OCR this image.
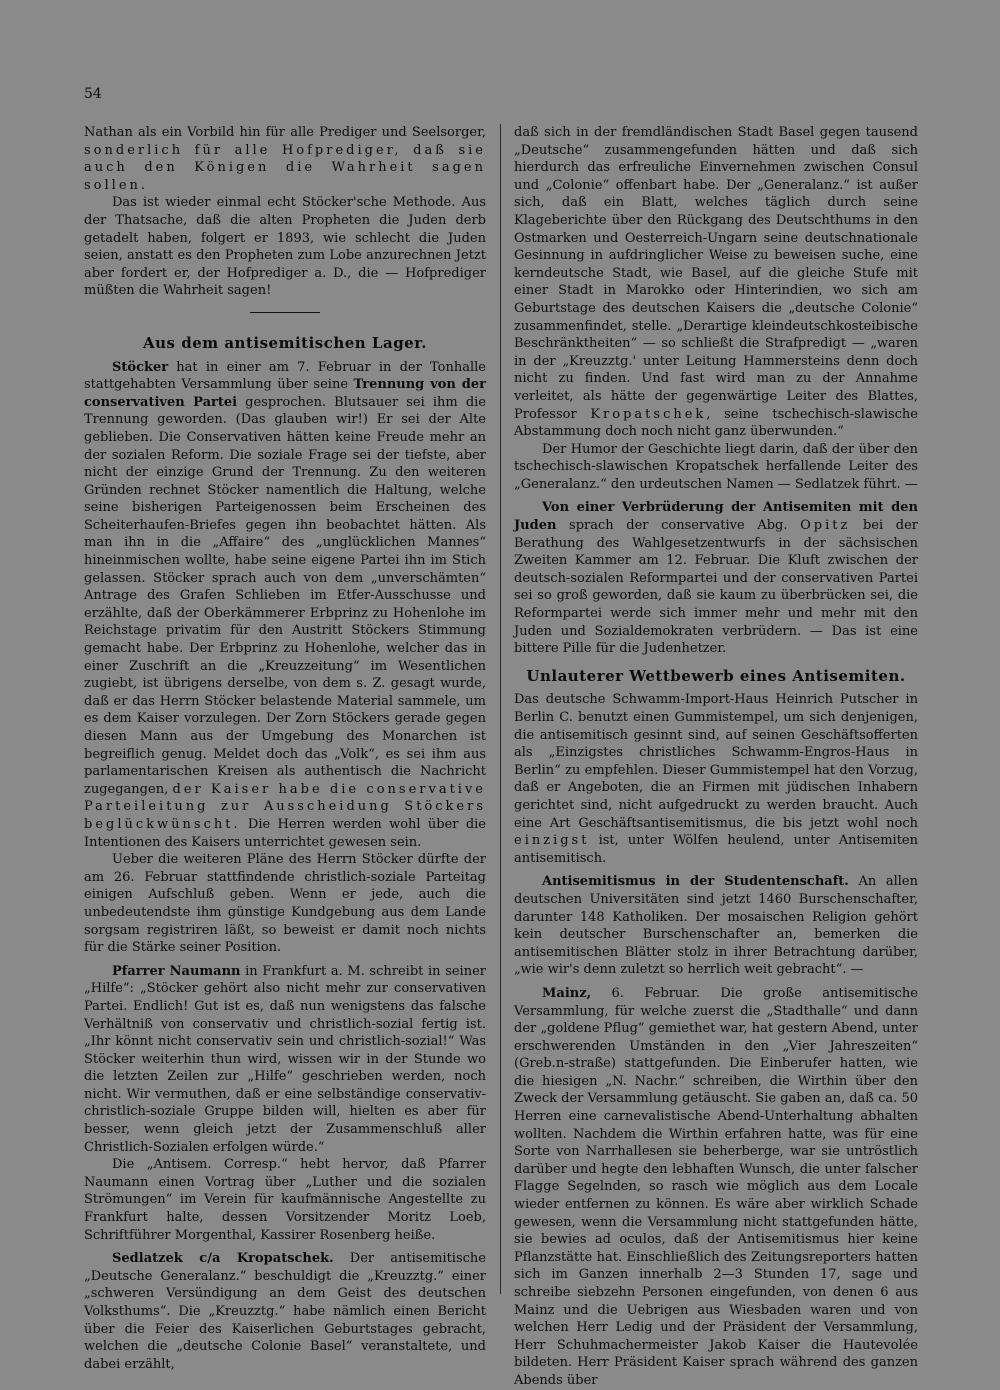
54

Nathan als ein Vorbild hin für alle Prediger und Seelsorger, sonderlich für alle Hofprediger, daß sie auch den Königen die Wahrheit sagen sollen.

Das ist wieder einmal echt Stöcker'sche Methode. Aus der Thatsache, daß die alten Propheten die Juden derb getadelt haben, folgert er 1893, wie schlecht die Juden seien, anstatt es den Propheten zum Lobe anzurechnen Jetzt aber fordert er, der Hofprediger a. D., die — Hofprediger müßten die Wahrheit sagen!

Aus dem antisemitischen Lager.

Stöcker hat in einer am 7. Februar in der Tonhalle stattgehabten Versammlung über seine Trennung von der conservativen Partei gesprochen. Blutsauer sei ihm die Trennung geworden. (Das glauben wir!) Er sei der Alte geblieben. Die Conservativen hätten keine Freude mehr an der sozialen Reform. Die soziale Frage sei der tiefste, aber nicht der einzige Grund der Trennung. Zu den weiteren Gründen rechnet Stöcker namentlich die Haltung, welche seine bisherigen Parteigenossen beim Erscheinen des Scheiterhaufen-Briefes gegen ihn beobachtet hätten. Als man ihn in die „Affaire“ des „unglücklichen Mannes“ hineinmischen wollte, habe seine eigene Partei ihn im Stich gelassen. Stöcker sprach auch von dem „unverschämten“ Antrage des Grafen Schlieben im Etfer-Ausschusse und erzählte, daß der Oberkämmerer Erbprinz zu Hohenlohe im Reichstage privatim für den Austritt Stöckers Stimmung gemacht habe. Der Erbprinz zu Hohenlohe, welcher das in einer Zuschrift an die „Kreuzzeitung“ im Wesentlichen zugiebt, ist übrigens derselbe, von dem s. Z. gesagt wurde, daß er das Herrn Stöcker belastende Material sammele, um es dem Kaiser vorzulegen. Der Zorn Stöckers gerade gegen diesen Mann aus der Umgebung des Monarchen ist begreiflich genug. Meldet doch das „Volk“, es sei ihm aus parlamentarischen Kreisen als authentisch die Nachricht zugegangen, der Kaiser habe die conservative Parteileitung zur Ausscheidung Stöckers beglückwünscht. Die Herren werden wohl über die Intentionen des Kaisers unterrichtet gewesen sein.

Ueber die weiteren Pläne des Herrn Stöcker dürfte der am 26. Februar stattfindende christlich-soziale Parteitag einigen Aufschluß geben. Wenn er jede, auch die unbedeutendste ihm günstige Kundgebung aus dem Lande sorgsam registriren läßt, so beweist er damit noch nichts für die Stärke seiner Position.

Pfarrer Naumann in Frankfurt a. M. schreibt in seiner „Hilfe“: „Stöcker gehört also nicht mehr zur conservativen Partei. Endlich! Gut ist es, daß nun wenigstens das falsche Verhältniß von conservativ und christlich-sozial fertig ist. „Ihr könnt nicht conservativ sein und christlich-sozial!“ Was Stöcker weiterhin thun wird, wissen wir in der Stunde wo die letzten Zeilen zur „Hilfe“ geschrieben werden, noch nicht. Wir vermuthen, daß er eine selbständige conservativ-christlich-soziale Gruppe bilden will, hielten es aber für besser, wenn gleich jetzt der Zusammenschluß aller Christlich-Sozialen erfolgen würde.“

Die „Antisem. Corresp.“ hebt hervor, daß Pfarrer Naumann einen Vortrag über „Luther und die sozialen Strömungen“ im Verein für kaufmännische Angestellte zu Frankfurt halte, dessen Vorsitzender Moritz Loeb, Schriftführer Morgenthal, Kassirer Rosenberg heiße.

Sedlatzek c/a Kropatschek. Der antisemitische „Deutsche Generalanz.“ beschuldigt die „Kreuzztg.“ einer „schweren Versündigung an dem Geist des deutschen Volksthums“. Die „Kreuzztg.“ habe nämlich einen Bericht über die Feier des Kaiserlichen Geburtstages gebracht, welchen die „deutsche Colonie Basel“ veranstaltete, und dabei erzählt,

daß sich in der fremdländischen Stadt Basel gegen tausend „Deutsche“ zusammengefunden hätten und daß sich hierdurch das erfreuliche Einvernehmen zwischen Consul und „Colonie“ offenbart habe. Der „Generalanz.“ ist außer sich, daß ein Blatt, welches täglich durch seine Klageberichte über den Rückgang des Deutschthums in den Ostmarken und Oesterreich-Ungarn seine deutschnationale Gesinnung in aufdringlicher Weise zu beweisen suche, eine kerndeutsche Stadt, wie Basel, auf die gleiche Stufe mit einer Stadt in Marokko oder Hinterindien, wo sich am Geburtstage des deutschen Kaisers die „deutsche Colonie“ zusammenfindet, stelle. „Derartige kleindeutschkosteibische Beschränktheiten“ — so schließt die Strafpredigt — „waren in der „Kreuzztg.' unter Leitung Hammersteins denn doch nicht zu finden. Und fast wird man zu der Annahme verleitet, als hätte der gegenwärtige Leiter des Blattes, Professor Kropatschek, seine tschechisch-slawische Abstammung doch noch nicht ganz überwunden.“

Der Humor der Geschichte liegt darin, daß der über den tschechisch-slawischen Kropatschek herfallende Leiter des „Generalanz.“ den urdeutschen Namen — Sedlatzek führt. —

Von einer Verbrüderung der Antisemiten mit den Juden sprach der conservative Abg. Opitz bei der Berathung des Wahlgesetzentwurfs in der sächsischen Zweiten Kammer am 12. Februar. Die Kluft zwischen der deutsch-sozialen Reformpartei und der conservativen Partei sei so groß geworden, daß sie kaum zu überbrücken sei, die Reformpartei werde sich immer mehr und mehr mit den Juden und Sozialdemokraten verbrüdern. — Das ist eine bittere Pille für die Judenhetzer.

Unlauterer Wettbewerb eines Antisemiten.

Das deutsche Schwamm-Import-Haus Heinrich Putscher in Berlin C. benutzt einen Gummistempel, um sich denjenigen, die antisemitisch gesinnt sind, auf seinen Geschäftsofferten als „Einzigstes christliches Schwamm-Engros-Haus in Berlin“ zu empfehlen. Dieser Gummistempel hat den Vorzug, daß er Angeboten, die an Firmen mit jüdischen Inhabern gerichtet sind, nicht aufgedruckt zu werden braucht. Auch eine Art Geschäftsantisemitismus, die bis jetzt wohl noch einzigst ist, unter Wölfen heulend, unter Antisemiten antisemitisch.

Antisemitismus in der Studentenschaft. An allen deutschen Universitäten sind jetzt 1460 Burschenschafter, darunter 148 Katholiken. Der mosaischen Religion gehört kein deutscher Burschenschafter an, bemerken die antisemitischen Blätter stolz in ihrer Betrachtung darüber, „wie wir's denn zuletzt so herrlich weit gebracht“. —

Mainz, 6. Februar. Die große antisemitische Versammlung, für welche zuerst die „Stadthalle“ und dann der „goldene Pflug“ gemiethet war, hat gestern Abend, unter erschwerenden Umständen in den „Vier Jahreszeiten“ (Greb.n-straße) stattgefunden. Die Einberufer hatten, wie die hiesigen „N. Nachr.“ schreiben, die Wirthin über den Zweck der Versammlung getäuscht. Sie gaben an, daß ca. 50 Herren eine carnevalistische Abend-Unterhaltung abhalten wollten. Nachdem die Wirthin erfahren hatte, was für eine Sorte von Narrhallesen sie beherberge, war sie untröstlich darüber und hegte den lebhaften Wunsch, die unter falscher Flagge Segelnden, so rasch wie möglich aus dem Locale wieder entfernen zu können. Es wäre aber wirklich Schade gewesen, wenn die Versammlung nicht stattgefunden hätte, sie bewies ad oculos, daß der Antisemitismus hier keine Pflanzstätte hat. Einschließlich des Zeitungsreporters hatten sich im Ganzen innerhalb 2—3 Stunden 17, sage und schreibe siebzehn Personen eingefunden, von denen 6 aus Mainz und die Uebrigen aus Wiesbaden waren und von welchen Herr Ledig und der Präsident der Versammlung, Herr Schuhmachermeister Jakob Kaiser die Hautevolée bildeten. Herr Präsident Kaiser sprach während des ganzen Abends über
